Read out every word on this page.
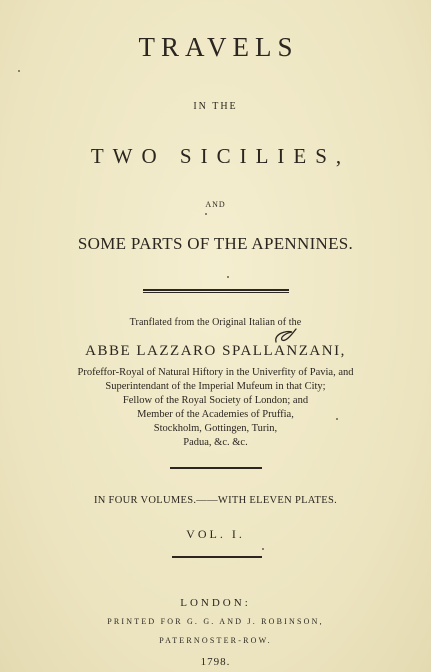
TRAVELS
IN THE
TWO SICILIES,
AND
SOME PARTS OF THE APENNINES.
Tranflated from the Original Italian of the
ABBE LAZZARO SPALLANZANI,
Profeffor-Royal of Natural Hiftory in the Univerfity of Pavia, and
Superintendant of the Imperial Mufeum in that City;
Fellow of the Royal Society of London; and
Member of the Academies of Pruffia,
Stockholm, Gottingen, Turin,
Padua, &c. &c.
IN FOUR VOLUMES.——WITH ELEVEN PLATES.
VOL. I.
LONDON:
PRINTED FOR G. G. AND J. ROBINSON,
PATERNOSTER-ROW.
1798.
